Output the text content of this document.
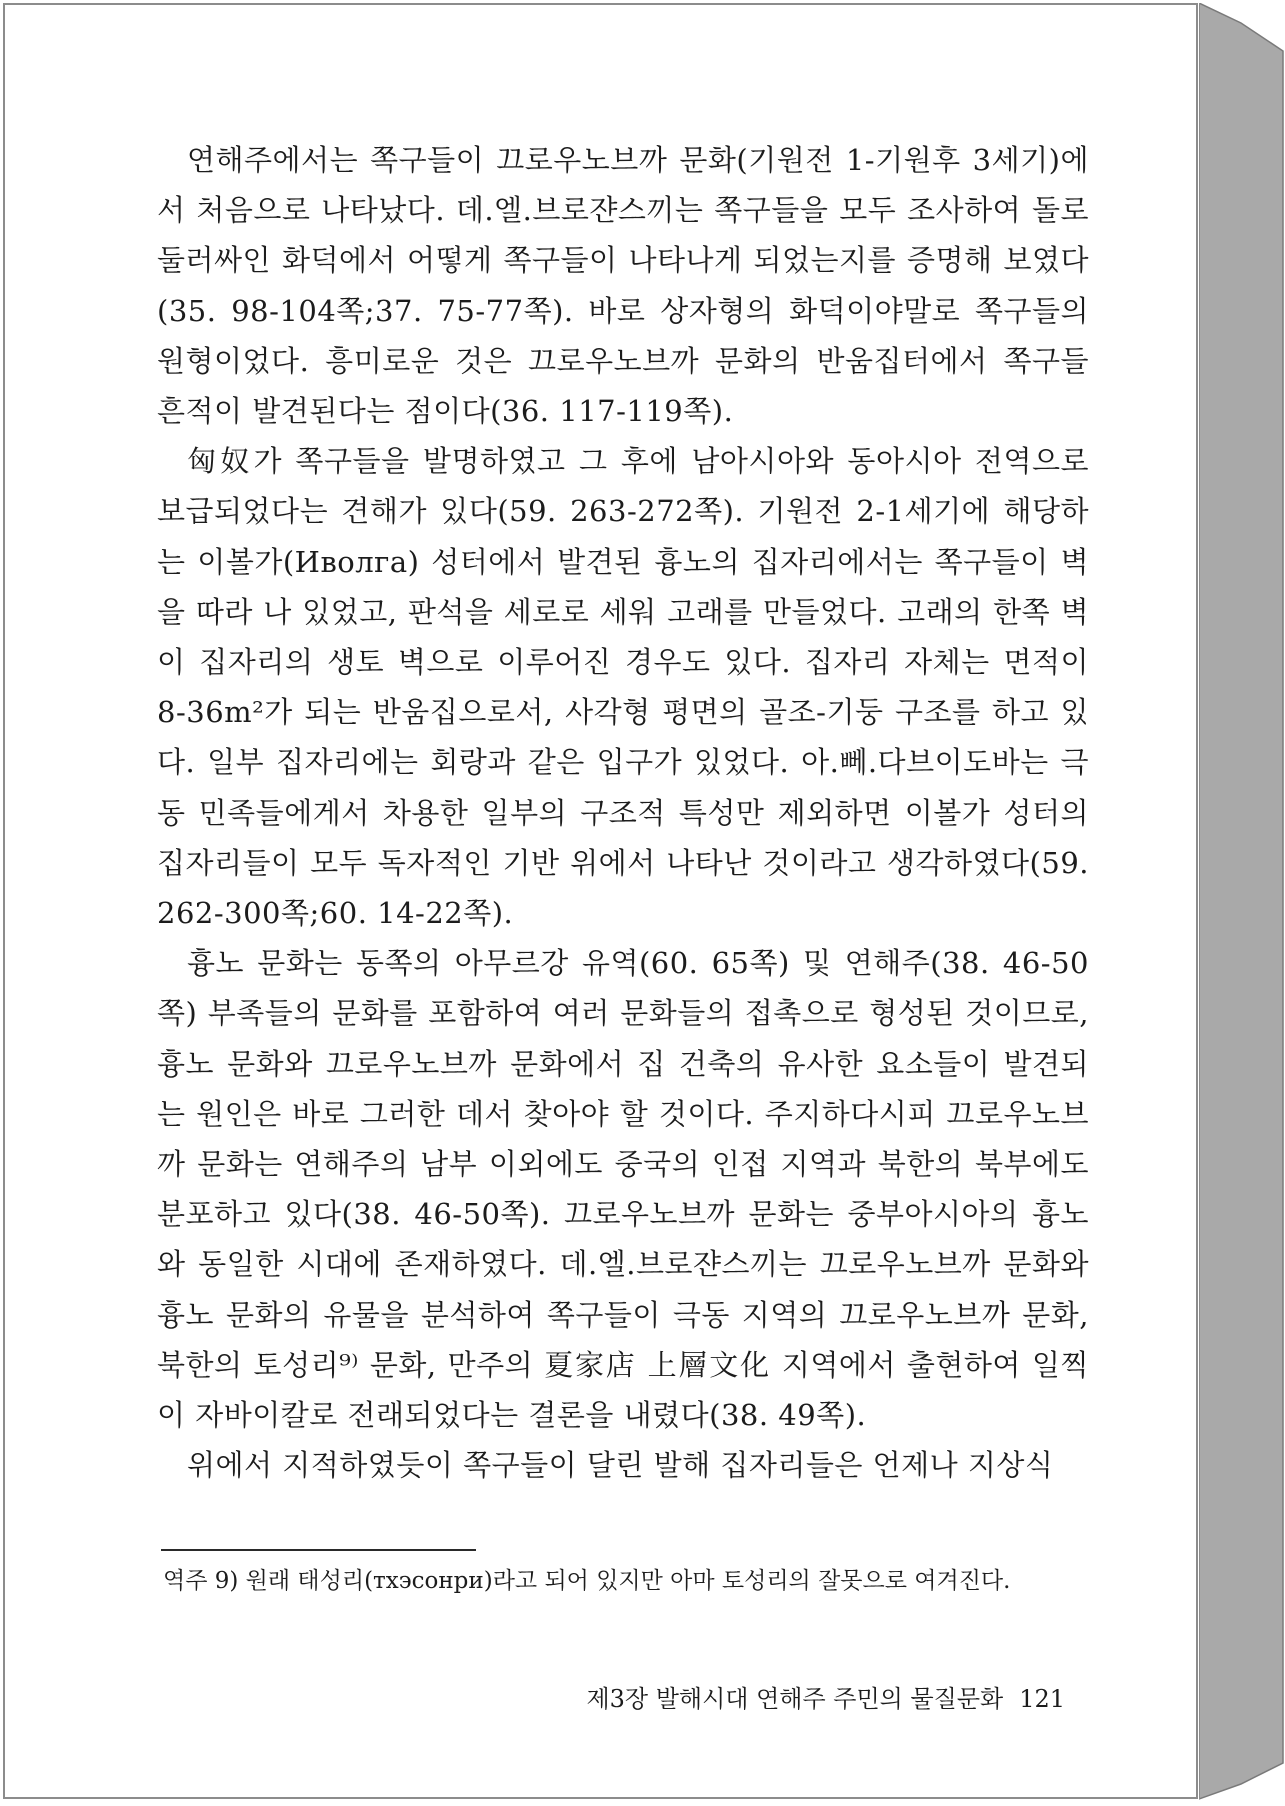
연해주에서는 쪽구들이 끄로우노브까 문화(기원전 1-기원후 3세기)에서 처음으로 나타났다. 데.엘.브로쟌스끼는 쪽구들을 모두 조사하여 돌로 둘러싸인 화덕에서 어떻게 쪽구들이 나타나게 되었는지를 증명해 보였다(35. 98-104쪽;37. 75-77쪽). 바로 상자형의 화덕이야말로 쪽구들의 원형이었다. 흥미로운 것은 끄로우노브까 문화의 반움집터에서 쪽구들 흔적이 발견된다는 점이다(36. 117-119쪽).

匈奴가 쪽구들을 발명하였고 그 후에 남아시아와 동아시아 전역으로 보급되었다는 견해가 있다(59. 263-272쪽). 기원전 2-1세기에 해당하는 이볼가(Иволга) 성터에서 발견된 흉노의 집자리에서는 쪽구들이 벽을 따라 나 있었고, 판석을 세로로 세워 고래를 만들었다. 고래의 한쪽 벽이 집자리의 생토 벽으로 이루어진 경우도 있다. 집자리 자체는 면적이 8-36m²가 되는 반움집으로서, 사각형 평면의 골조-기둥 구조를 하고 있다. 일부 집자리에는 회랑과 같은 입구가 있었다. 아.뻬.다브이도바는 극동 민족들에게서 차용한 일부의 구조적 특성만 제외하면 이볼가 성터의 집자리들이 모두 독자적인 기반 위에서 나타난 것이라고 생각하였다(59. 262-300쪽;60. 14-22쪽).

흉노 문화는 동쪽의 아무르강 유역(60. 65쪽) 및 연해주(38. 46-50쪽) 부족들의 문화를 포함하여 여러 문화들의 접촉으로 형성된 것이므로, 흉노 문화와 끄로우노브까 문화에서 집 건축의 유사한 요소들이 발견되는 원인은 바로 그러한 데서 찾아야 할 것이다. 주지하다시피 끄로우노브까 문화는 연해주의 남부 이외에도 중국의 인접 지역과 북한의 북부에도 분포하고 있다(38. 46-50쪽). 끄로우노브까 문화는 중부아시아의 흉노와 동일한 시대에 존재하였다. 데.엘.브로쟌스끼는 끄로우노브까 문화와 흉노 문화의 유물을 분석하여 쪽구들이 극동 지역의 끄로우노브까 문화, 북한의 토성리⁹⁾ 문화, 만주의 夏家店 上層文化 지역에서 출현하여 일찍이 자바이칼로 전래되었다는 결론을 내렸다(38. 49쪽).

위에서 지적하였듯이 쪽구들이 달린 발해 집자리들은 언제나 지상식

역주 9) 원래 태성리(тхэсонри)라고 되어 있지만 아마 토성리의 잘못으로 여겨진다.
제3장 발해시대 연해주 주민의 물질문화 121
